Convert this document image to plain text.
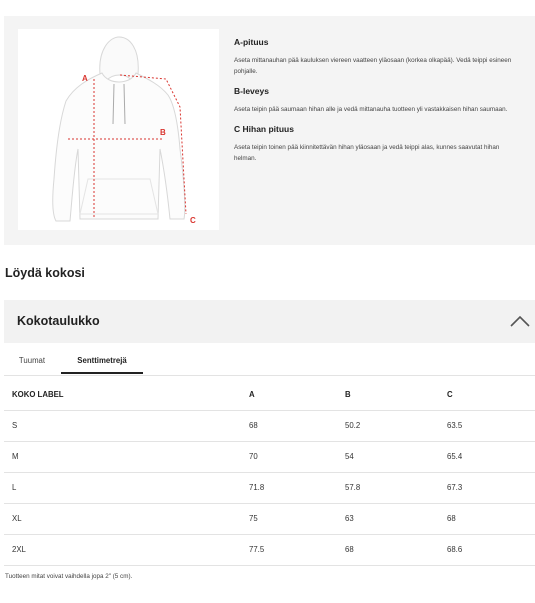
A
B
C
A-pituus
Aseta mittanauhan pää kauluksen viereen vaatteen yläosaan (korkea olkapää). Vedä teippi esineen pohjalle.
B-leveys
Aseta teipin pää saumaan hihan alle ja vedä mittanauha tuotteen yli vastakkaisen hihan saumaan.
C Hihan pituus
Aseta teipin toinen pää kiinnitettävän hihan yläosaan ja vedä teippi alas, kunnes saavutat hihan helman.
Löydä kokosi
Kokotaulukko
Tuumat	Senttimetrejä
KOKO LABEL	A	B	C
S	68	50.2	63.5
M	70	54	65.4
L	71.8	57.8	67.3
XL	75	63	68
2XL	77.5	68	68.6
Tuotteen mitat voivat vaihdella jopa 2" (5 cm).
